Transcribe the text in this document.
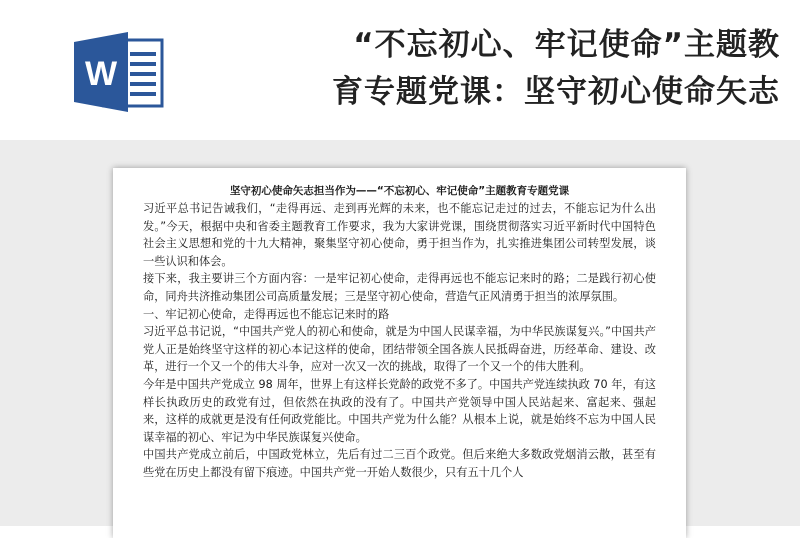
W
“不忘初心、牢记使命”主题教
育专题党课：坚守初心使命矢志
坚守初心使命矢志担当作为——“不忘初心、牢记使命”主题教育专题党课

习近平总书记告诫我们，“走得再远、走到再光辉的未来，也不能忘记走过的过去，不能忘记为什么出发。”今天，根据中央和省委主题教育工作要求，我为大家讲党课，围绕贯彻落实习近平新时代中国特色社会主义思想和党的十九大精神，聚集坚守初心使命，勇于担当作为，扎实推进集团公司转型发展，谈一些认识和体会。

接下来，我主要讲三个方面内容：一是牢记初心使命，走得再远也不能忘记来时的路；二是践行初心使命，同舟共济推动集团公司高质量发展；三是坚守初心使命，营造气正风清勇于担当的浓厚氛围。

一、牢记初心使命，走得再远也不能忘记来时的路

习近平总书记说，“中国共产党人的初心和使命，就是为中国人民谋幸福，为中华民族谋复兴。”中国共产党人正是始终坚守这样的初心本记这样的使命，团结带领全国各族人民抵碍奋进，历经革命、建设、改革，进行一个又一个的伟大斗争，应对一次又一次的挑战，取得了一个又一个的伟大胜利。

今年是中国共产党成立 98 周年，世界上有这样长党龄的政党不多了。中国共产党连续执政 70 年，有这样长执政历史的政党有过，但依然在执政的没有了。中国共产党领导中国人民站起来、富起来、强起来，这样的成就更是没有任何政党能比。中国共产党为什么能？从根本上说，就是始终不忘为中国人民谋幸福的初心、牢记为中华民族谋复兴使命。

中国共产党成立前后，中国政党林立，先后有过二三百个政党。但后来绝大多数政党烟消云散，甚至有些党在历史上都没有留下痕迹。中国共产党一开始人数很少，只有五十几个人
